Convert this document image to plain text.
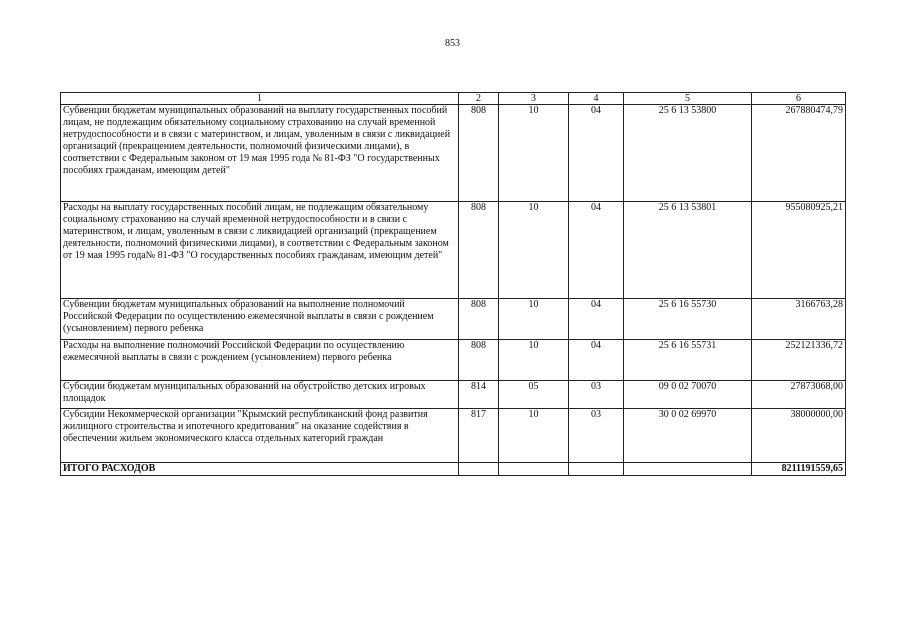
853
1	2	3	4	5	6
Субвенции бюджетам муниципальных образований на выплату государственных пособий лицам, не подлежащим обязательному социальному страхованию на случай временной нетрудоспособности и в связи с материнством, и лицам, уволенным в связи с ликвидацией организаций (прекращением деятельности, полномочий физическими лицами), в соответствии с Федеральным законом от 19 мая 1995 года № 81-ФЗ "О государственных пособиях гражданам, имеющим детей"	808	10	04	25 6 13 53800	267880474,79
Расходы на выплату государственных пособий лицам, не подлежащим обязательному социальному страхованию на случай временной нетрудоспособности и в связи с материнством, и лицам, уволенным в связи с ликвидацией организаций (прекращением деятельности, полномочий физическими лицами), в соответствии с Федеральным законом от 19 мая 1995 года№ 81-ФЗ "О государственных пособиях гражданам, имеющим детей"	808	10	04	25 6 13 53801	955080925,21
Субвенции бюджетам муниципальных образований на выполнение полномочий Российской Федерации по осуществлению ежемесячной выплаты в связи с рождением (усыновлением) первого ребенка	808	10	04	25 6 16 55730	3166763,28
Расходы на выполнение полномочий Российской Федерации по осуществлению ежемесячной выплаты в связи с рождением (усыновлением) первого ребенка	808	10	04	25 6 16 55731	252121336,72
Субсидии бюджетам муниципальных образований на обустройство детских игровых площадок	814	05	03	09 0 02 70070	27873068,00
Субсидии Некоммерческой организации "Крымский республиканский фонд развития жилищного строительства и ипотечного кредитования" на оказание содействия в обеспечении жильем экономического класса отдельных категорий граждан	817	10	03	30 0 02 69970	38000000,00
ИТОГО РАСХОДОВ					8211191559,65
